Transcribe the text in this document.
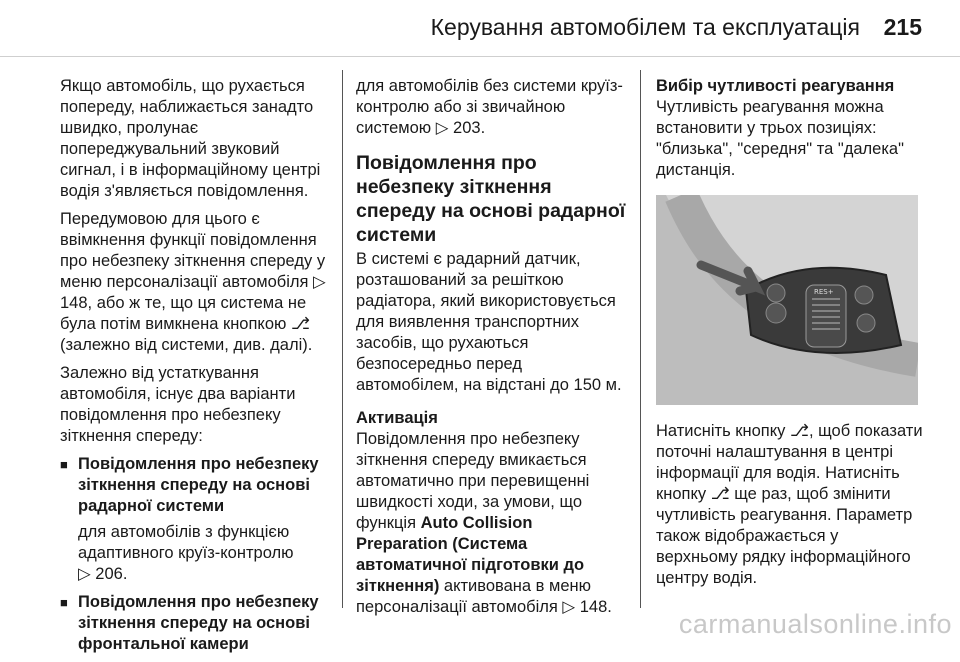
Керування автомобілем та експлуатація 215

Якщо автомобіль, що рухається попереду, наближається занадто швидко, пролунає попереджувальний звуковий сигнал, і в інформаційному центрі водія з'являється повідомлення.

Передумовою для цього є ввімкнення функції повідомлення про небезпеку зіткнення спереду у меню персоналізації автомобіля ▷ 148, або ж те, що ця система не була потім вимкнена кнопкою ⎇ (залежно від системи, див. далі).

Залежно від устаткування автомобіля, існує два варіанти повідомлення про небезпеку зіткнення спереду:

■ Повідомлення про небезпеку зіткнення спереду на основі радарної системи
для автомобілів з функцією адаптивного круїз-контролю
▷ 206.
■ Повідомлення про небезпеку зіткнення спереду на основі фронтальної камери

для автомобілів без системи круїз-контролю або зі звичайною системою ▷ 203.

Повідомлення про небезпеку зіткнення спереду на основі радарної системи

В системі є радарний датчик, розташований за решіткою радіатора, який використовується для виявлення транспортних засобів, що рухаються безпосередньо перед автомобілем, на відстані до 150 м.

Активація

Повідомлення про небезпеку зіткнення спереду вмикається автоматично при перевищенні швидкості ходи, за умови, що функція Auto Collision Preparation (Система автоматичної підготовки до зіткнення) активована в меню персоналізації автомобіля ▷ 148.

Вибір чутливості реагування

Чутливість реагування можна встановити у трьох позиціях: "близька", "середня" та "далека" дистанція.

RES+

Натисніть кнопку ⎇, щоб показати поточні налаштування в центрі інформації для водія. Натисніть кнопку ⎇ ще раз, щоб змінити чутливість реагування. Параметр також відображається у верхньому рядку інформаційного центру водія.

carmanualsonline.info
